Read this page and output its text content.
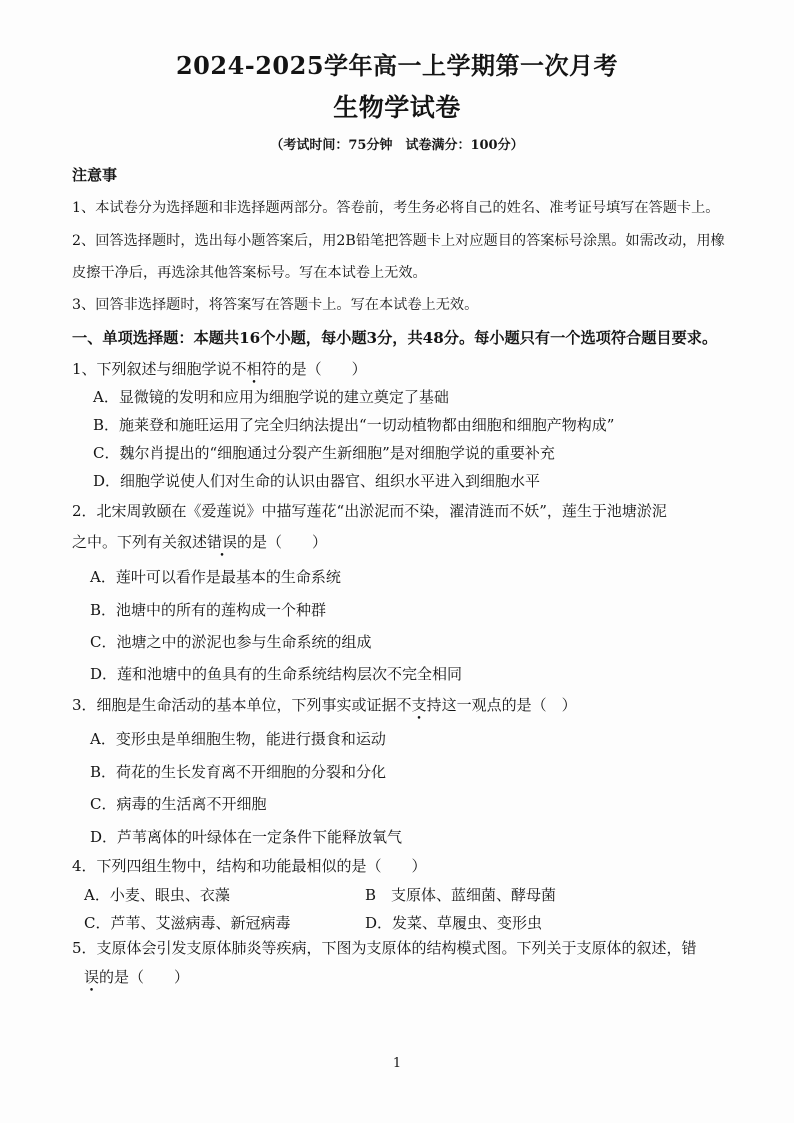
2024-2025学年高一上学期第一次月考
生物学试卷
（考试时间：75分钟　试卷满分：100分）
注意事
1、本试卷分为选择题和非选择题两部分。答卷前，考生务必将自己的姓名、准考证号填写在答题卡上。
2、回答选择题时，选出每小题答案后，用2B铅笔把答题卡上对应题目的答案标号涂黑。如需改动，用橡
皮擦干净后，再选涂其他答案标号。写在本试卷上无效。
3、回答非选择题时，将答案写在答题卡上。写在本试卷上无效。
一、单项选择题：本题共16个小题，每小题3分，共48分。每小题只有一个选项符合题目要求。
1、下列叙述与细胞学说不相符的是（　　）
A．显微镜的发明和应用为细胞学说的建立奠定了基础
B．施莱登和施旺运用了完全归纳法提出“一切动植物都由细胞和细胞产物构成”
C．魏尔肖提出的“细胞通过分裂产生新细胞”是对细胞学说的重要补充
D．细胞学说使人们对生命的认识由器官、组织水平进入到细胞水平
2．北宋周敦颐在《爱莲说》中描写莲花“出淤泥而不染，濯清涟而不妖”，莲生于池塘淤泥
之中。下列有关叙述错误的是（　　）
A．莲叶可以看作是最基本的生命系统
B．池塘中的所有的莲构成一个种群
C．池塘之中的淤泥也参与生命系统的组成
D．莲和池塘中的鱼具有的生命系统结构层次不完全相同
3．细胞是生命活动的基本单位，下列事实或证据不支持这一观点的是（　）
A．变形虫是单细胞生物，能进行摄食和运动
B．荷花的生长发育离不开细胞的分裂和分化
C．病毒的生活离不开细胞
D．芦苇离体的叶绿体在一定条件下能释放氧气
4．下列四组生物中，结构和功能最相似的是（　　）
A．小麦、眼虫、衣藻	B　支原体、蓝细菌、酵母菌
C．芦苇、艾滋病毒、新冠病毒	D．发菜、草履虫、变形虫
5．支原体会引发支原体肺炎等疾病，下图为支原体的结构模式图。下列关于支原体的叙述，错
误的是（　　）
1
